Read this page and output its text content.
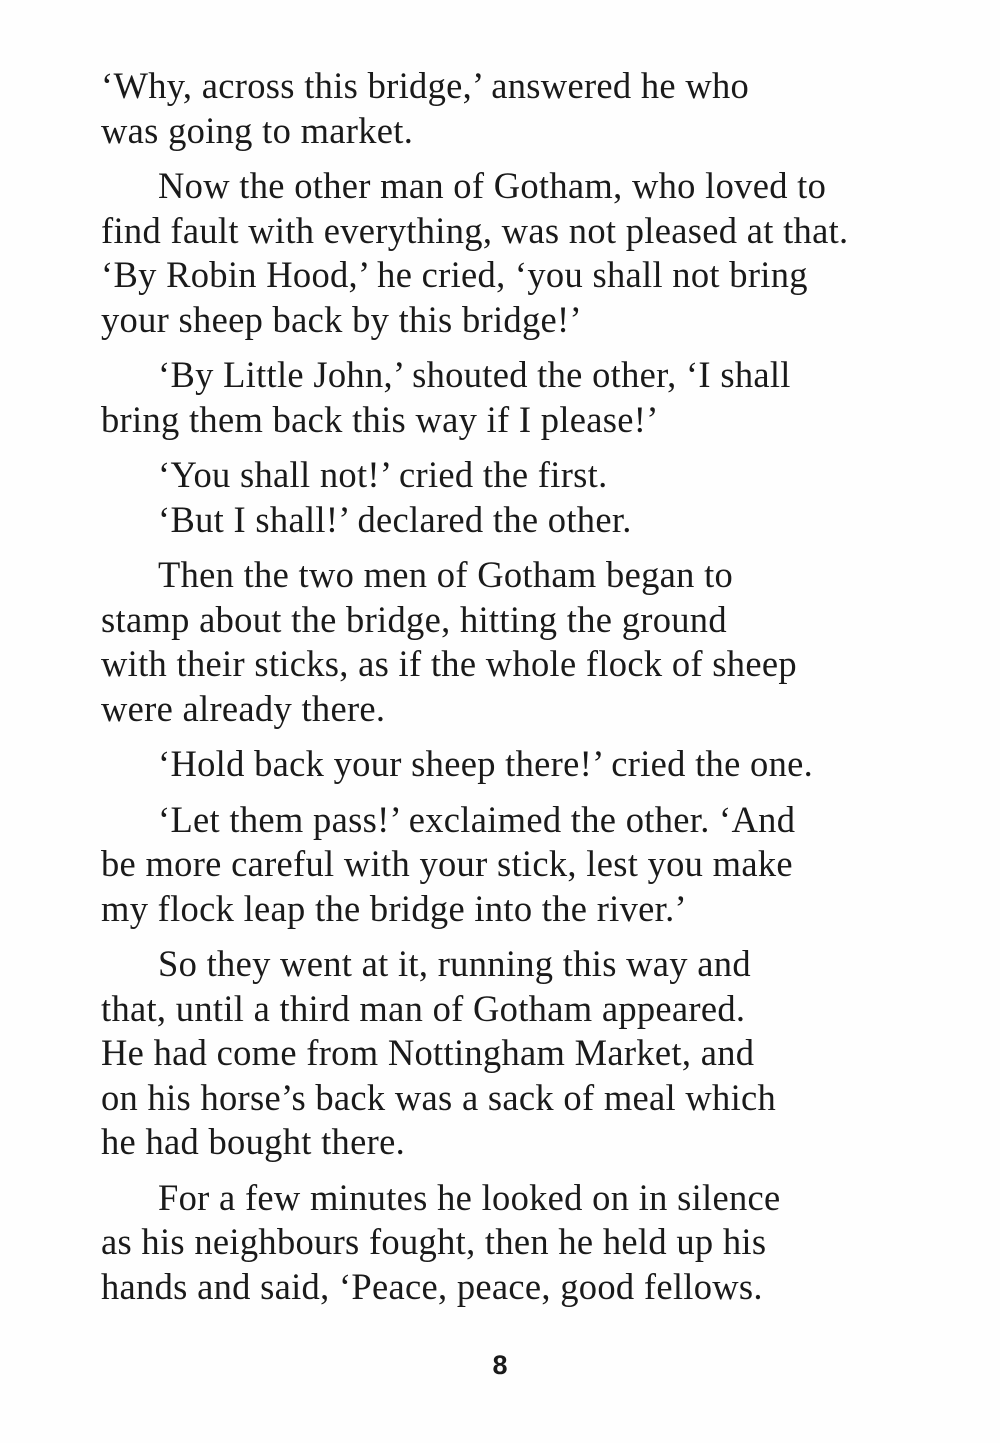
‘Why, across this bridge,’ answered he who
was going to market.

Now the other man of Gotham, who loved to
find fault with everything, was not pleased at that.
‘By Robin Hood,’ he cried, ‘you shall not bring
your sheep back by this bridge!’

‘By Little John,’ shouted the other, ‘I shall
bring them back this way if I please!’

‘You shall not!’ cried the first.

‘But I shall!’ declared the other.

Then the two men of Gotham began to
stamp about the bridge, hitting the ground
with their sticks, as if the whole flock of sheep
were already there.

‘Hold back your sheep there!’ cried the one.

‘Let them pass!’ exclaimed the other. ‘And
be more careful with your stick, lest you make
my flock leap the bridge into the river.’

So they went at it, running this way and
that, until a third man of Gotham appeared.
He had come from Nottingham Market, and
on his horse’s back was a sack of meal which
he had bought there.

For a few minutes he looked on in silence
as his neighbours fought, then he held up his
hands and said, ‘Peace, peace, good fellows.

8
